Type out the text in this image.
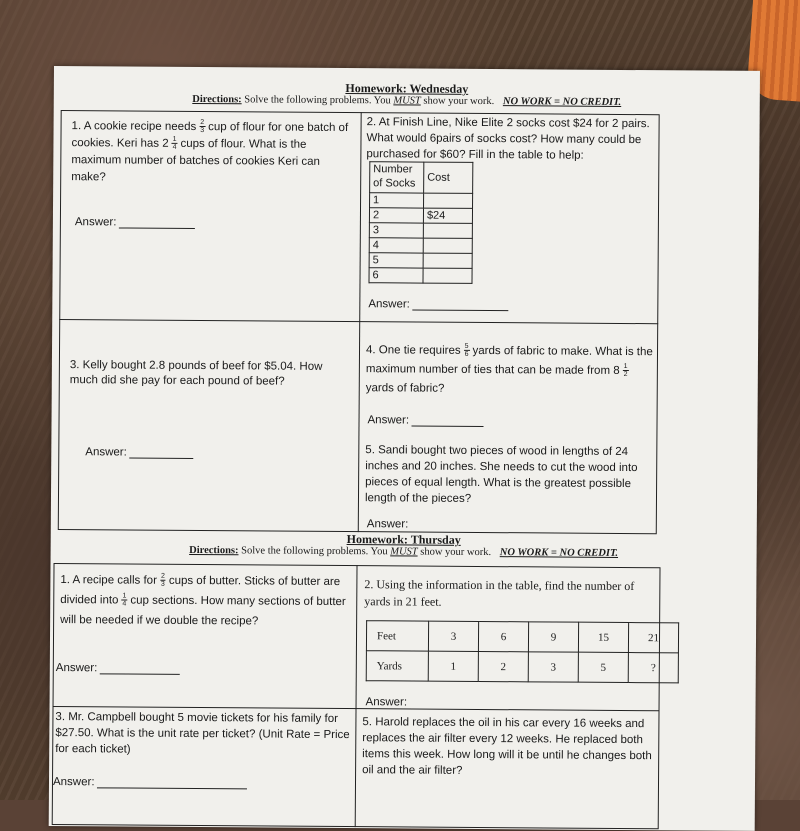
Homework: Wednesday
Directions: Solve the following problems. You MUST show your work. NO WORK = NO CREDIT.
1. A cookie recipe needs $\frac{2}{3}$ cup of flour for one batch of cookies. Keri has $2 \frac{1}{4}$ cups of flour. What is the maximum number of batches of cookies Keri can make?
Answer:
2. At Finish Line, Nike Elite 2 socks cost $24 for 2 pairs. What would 6pairs of socks cost? How many could be purchased for $60? Fill in the table to help:
Number of Socks	Cost
1	
2	$24
3	
4	
5	
6	
Answer:
3. Kelly bought 2.8 pounds of beef for $5.04. How much did she pay for each pound of beef?
Answer:
4. One tie requires $\frac{5}{6}$ yards of fabric to make. What is the maximum number of ties that can be made from $8 \frac{1}{2}$
yards of fabric?
Answer:
5. Sandi bought two pieces of wood in lengths of 24 inches and 20 inches. She needs to cut the wood into pieces of equal length. What is the greatest possible length of the pieces?
Answer:
Homework: Thursday
Directions: Solve the following problems. You MUST show your work. NO WORK = NO CREDIT.
1. A recipe calls for $\frac{2}{3}$ cups of butter. Sticks of butter are divided into $\frac{1}{4}$ cup sections. How many sections of butter will be needed if we double the recipe?
Answer:
2. Using the information in the table, find the number of yards in 21 feet.
Feet	3	6	9	15	21
Yards	1	2	3	5	?
Answer:
3. Mr. Campbell bought 5 movie tickets for his family for $27.50. What is the unit rate per ticket? (Unit Rate = Price for each ticket)
Answer:
5. Harold replaces the oil in his car every 16 weeks and replaces the air filter every 12 weeks. He replaced both items this week. How long will it be until he changes both oil and the air filter?
